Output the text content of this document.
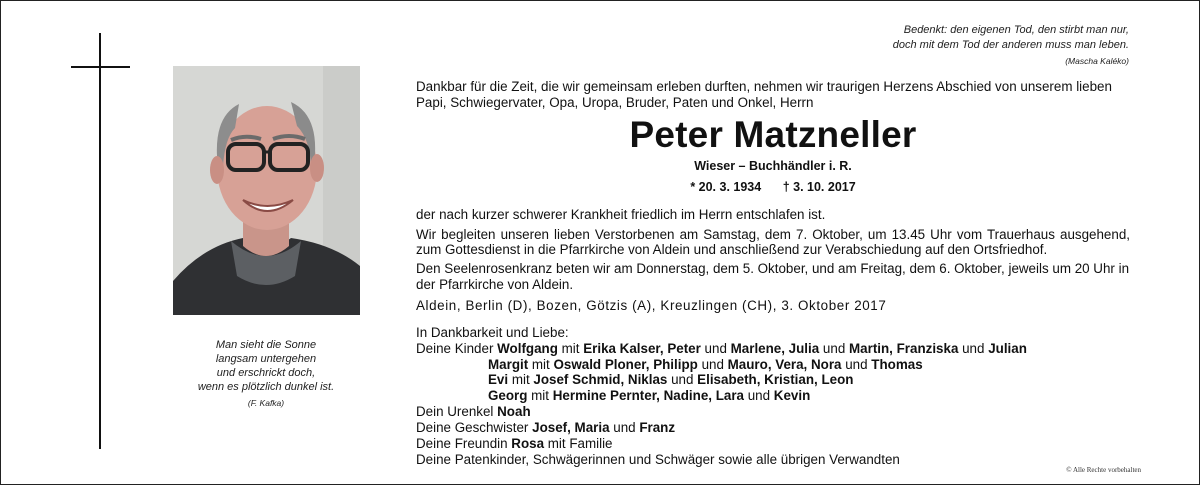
Man sieht die Sonne
langsam untergehen
und erschrickt doch,
wenn es plötzlich dunkel ist.
(F. Kafka)
Bedenkt: den eigenen Tod, den stirbt man nur,
doch mit dem Tod der anderen muss man leben.
(Mascha Kaléko)

Dankbar für die Zeit, die wir gemeinsam erleben durften, nehmen wir traurigen Herzens Abschied von unserem lieben Papi, Schwiegervater, Opa, Uropa, Bruder, Paten und Onkel, Herrn

Peter Matzneller
Wieser – Buchhändler i. R.
* 20. 3. 1934 † 3. 10. 2017

der nach kurzer schwerer Krankheit friedlich im Herrn entschlafen ist.

Wir begleiten unseren lieben Verstorbenen am Samstag, dem 7. Oktober, um 13.45 Uhr vom Trauerhaus ausgehend, zum Gottesdienst in die Pfarrkirche von Aldein und anschließend zur Verabschiedung auf den Ortsfriedhof.

Den Seelenrosenkranz beten wir am Donnerstag, dem 5. Oktober, und am Freitag, dem 6. Oktober, jeweils um 20 Uhr in der Pfarrkirche von Aldein.

Aldein, Berlin (D), Bozen, Götzis (A), Kreuzlingen (CH), 3. Oktober 2017

In Dankbarkeit und Liebe:
Deine Kinder Wolfgang mit Erika Kalser, Peter und Marlene, Julia und Martin, Franziska und Julian
Margit mit Oswald Ploner, Philipp und Mauro, Vera, Nora und Thomas
Evi mit Josef Schmid, Niklas und Elisabeth, Kristian, Leon
Georg mit Hermine Pernter, Nadine, Lara und Kevin
Dein Urenkel Noah
Deine Geschwister Josef, Maria und Franz
Deine Freundin Rosa mit Familie
Deine Patenkinder, Schwägerinnen und Schwäger sowie alle übrigen Verwandten
© Alle Rechte vorbehalten
